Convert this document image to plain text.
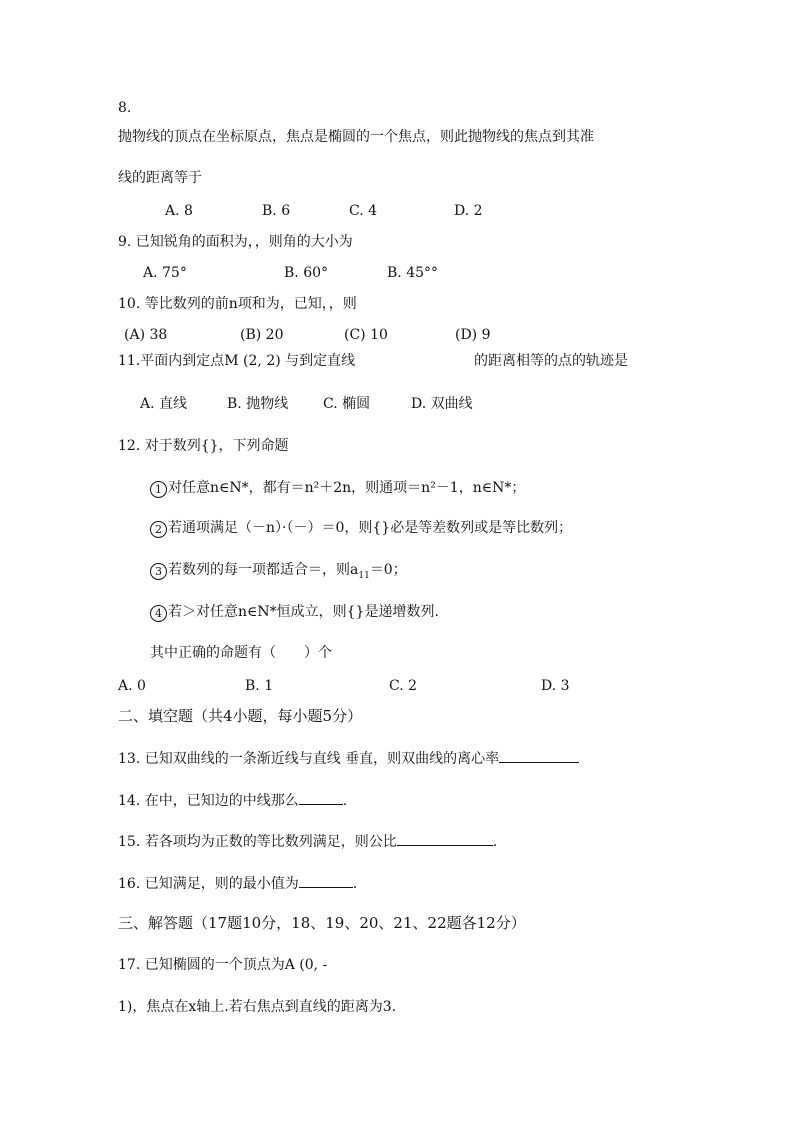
8.
抛物线的顶点在坐标原点，焦点是椭圆的一个焦点，则此抛物线的焦点到其准
线的距离等于
A. 8	B. 6	C. 4	D. 2
9. 已知锐角的面积为，，则角的大小为
A. 75°	B. 60°	B. 45°°
10. 等比数列的前n项和为，已知，，则
(A) 38	(B) 20	(C) 10	(D) 9
11.平面内到定点M (2, 2) 与到定直线	的距离相等的点的轨迹是
A. 直线	B. 抛物线 C. 椭圆	D. 双曲线
12. 对于数列{}，下列命题
1 对任意n∈N*，都有＝n²＋2n，则通项＝n²－1，n∈N*；
2 若通项满足（－n）·（－）＝0，则{}必是等差数列或是等比数列；
3 若数列的每一项都适合＝，则$a_{11}=0$；
4 若＞对任意n∈N*恒成立，则{}是递增数列.
其中正确的命题有（　　）个
A. 0	B. 1	C. 2	D. 3
二、填空题（共4小题，每小题5分）
13. 已知双曲线的一条渐近线与直线 垂直，则双曲线的离心率
14. 在中，已知边的中线那么	.
15. 若各项均为正数的等比数列满足，则公比	.
16. 已知满足，则的最小值为	.
三、解答题（17题10分，18、19、20、21、22题各12分）
17. 已知椭圆的一个顶点为A (0, -
1)，焦点在x轴上.若右焦点到直线的距离为3.
